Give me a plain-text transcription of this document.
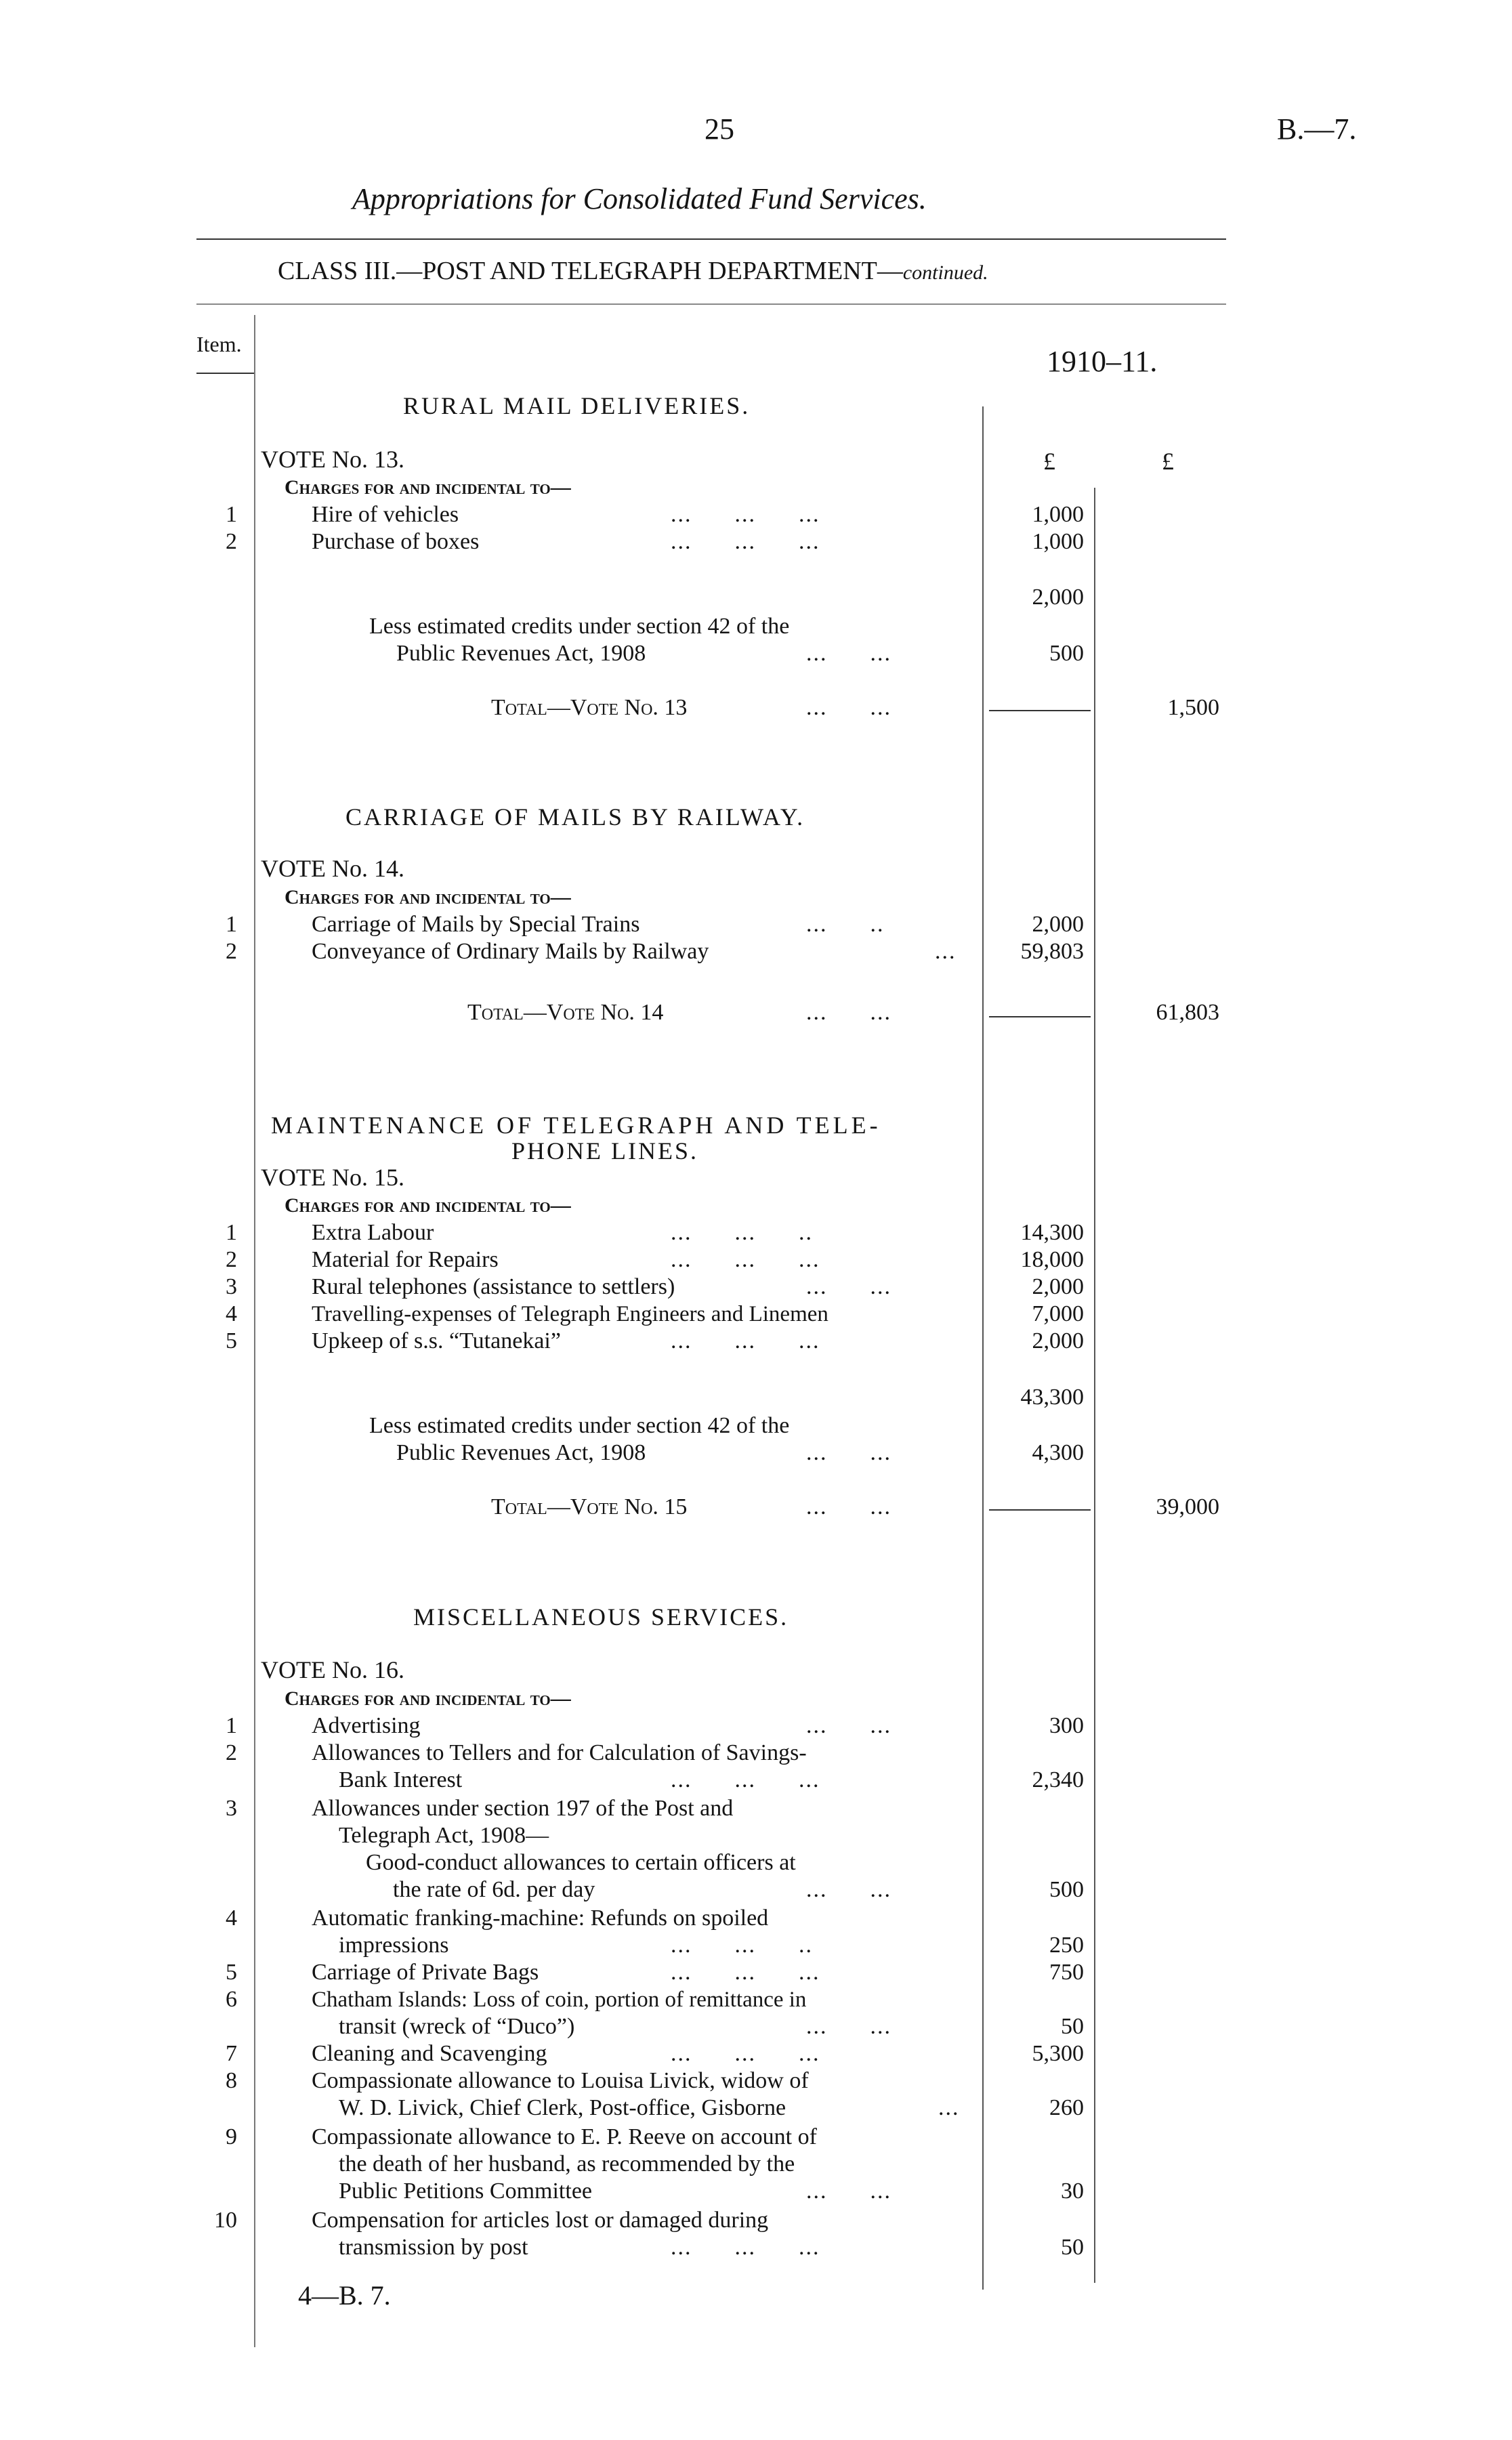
25	B.—7.
Appropriations for Consolidated Fund Services.
CLASS III.—POST AND TELEGRAPH DEPARTMENT—continued.
Item.
1910–11.
RURAL MAIL DELIVERIES.
£	£
VOTE No. 13.
Charges for and incidental to—
1	Hire of vehicles	...      ...      ...	1,000
2	Purchase of boxes	...      ...      ...	1,000
2,000
Less estimated credits under section 42 of the
Public Revenues Act, 1908	...      ...	500
Total—Vote No. 13	...      ...	1,500
CARRIAGE OF MAILS BY RAILWAY.
VOTE No. 14.
Charges for and incidental to—
1	Carriage of Mails by Special Trains	...      ..	2,000
2	Conveyance of Ordinary Mails by Railway	...	59,803
Total—Vote No. 14	...      ...	61,803
MAINTENANCE OF TELEGRAPH AND TELE-
PHONE LINES.
VOTE No. 15.
Charges for and incidental to—
1	Extra Labour	...      ...      ..	14,300
2	Material for Repairs	...      ...      ...	18,000
3	Rural telephones (assistance to settlers)	...      ...	2,000
4	Travelling-expenses of Telegraph Engineers and Linemen	7,000
5	Upkeep of s.s. “Tutanekai”	...      ...      ...	2,000
43,300
Less estimated credits under section 42 of the
Public Revenues Act, 1908	...      ...	4,300
Total—Vote No. 15	...      ...	39,000
MISCELLANEOUS SERVICES.
VOTE No. 16.
Charges for and incidental to—
1	Advertising	...      ...	300
2	Allowances to Tellers and for Calculation of Savings-
Bank Interest	...      ...      ...	2,340
3	Allowances under section 197 of the Post and
Telegraph Act, 1908—
Good-conduct allowances to certain officers at
the rate of 6d. per day	...      ...	500
4	Automatic franking-machine: Refunds on spoiled
impressions	...      ...      ..	250
5	Carriage of Private Bags	...      ...      ...	750
6	Chatham Islands: Loss of coin, portion of remittance in
transit (wreck of “Duco”)	...      ...	50
7	Cleaning and Scavenging	...      ...      ...	5,300
8	Compassionate allowance to Louisa Livick, widow of
W. D. Livick, Chief Clerk, Post-office, Gisborne	...	260
9	Compassionate allowance to E. P. Reeve on account of
the death of her husband, as recommended by the
Public Petitions Committee	...      ...	30
10	Compensation for articles lost or damaged during
transmission by post	...      ...      ...	50
4—B. 7.
